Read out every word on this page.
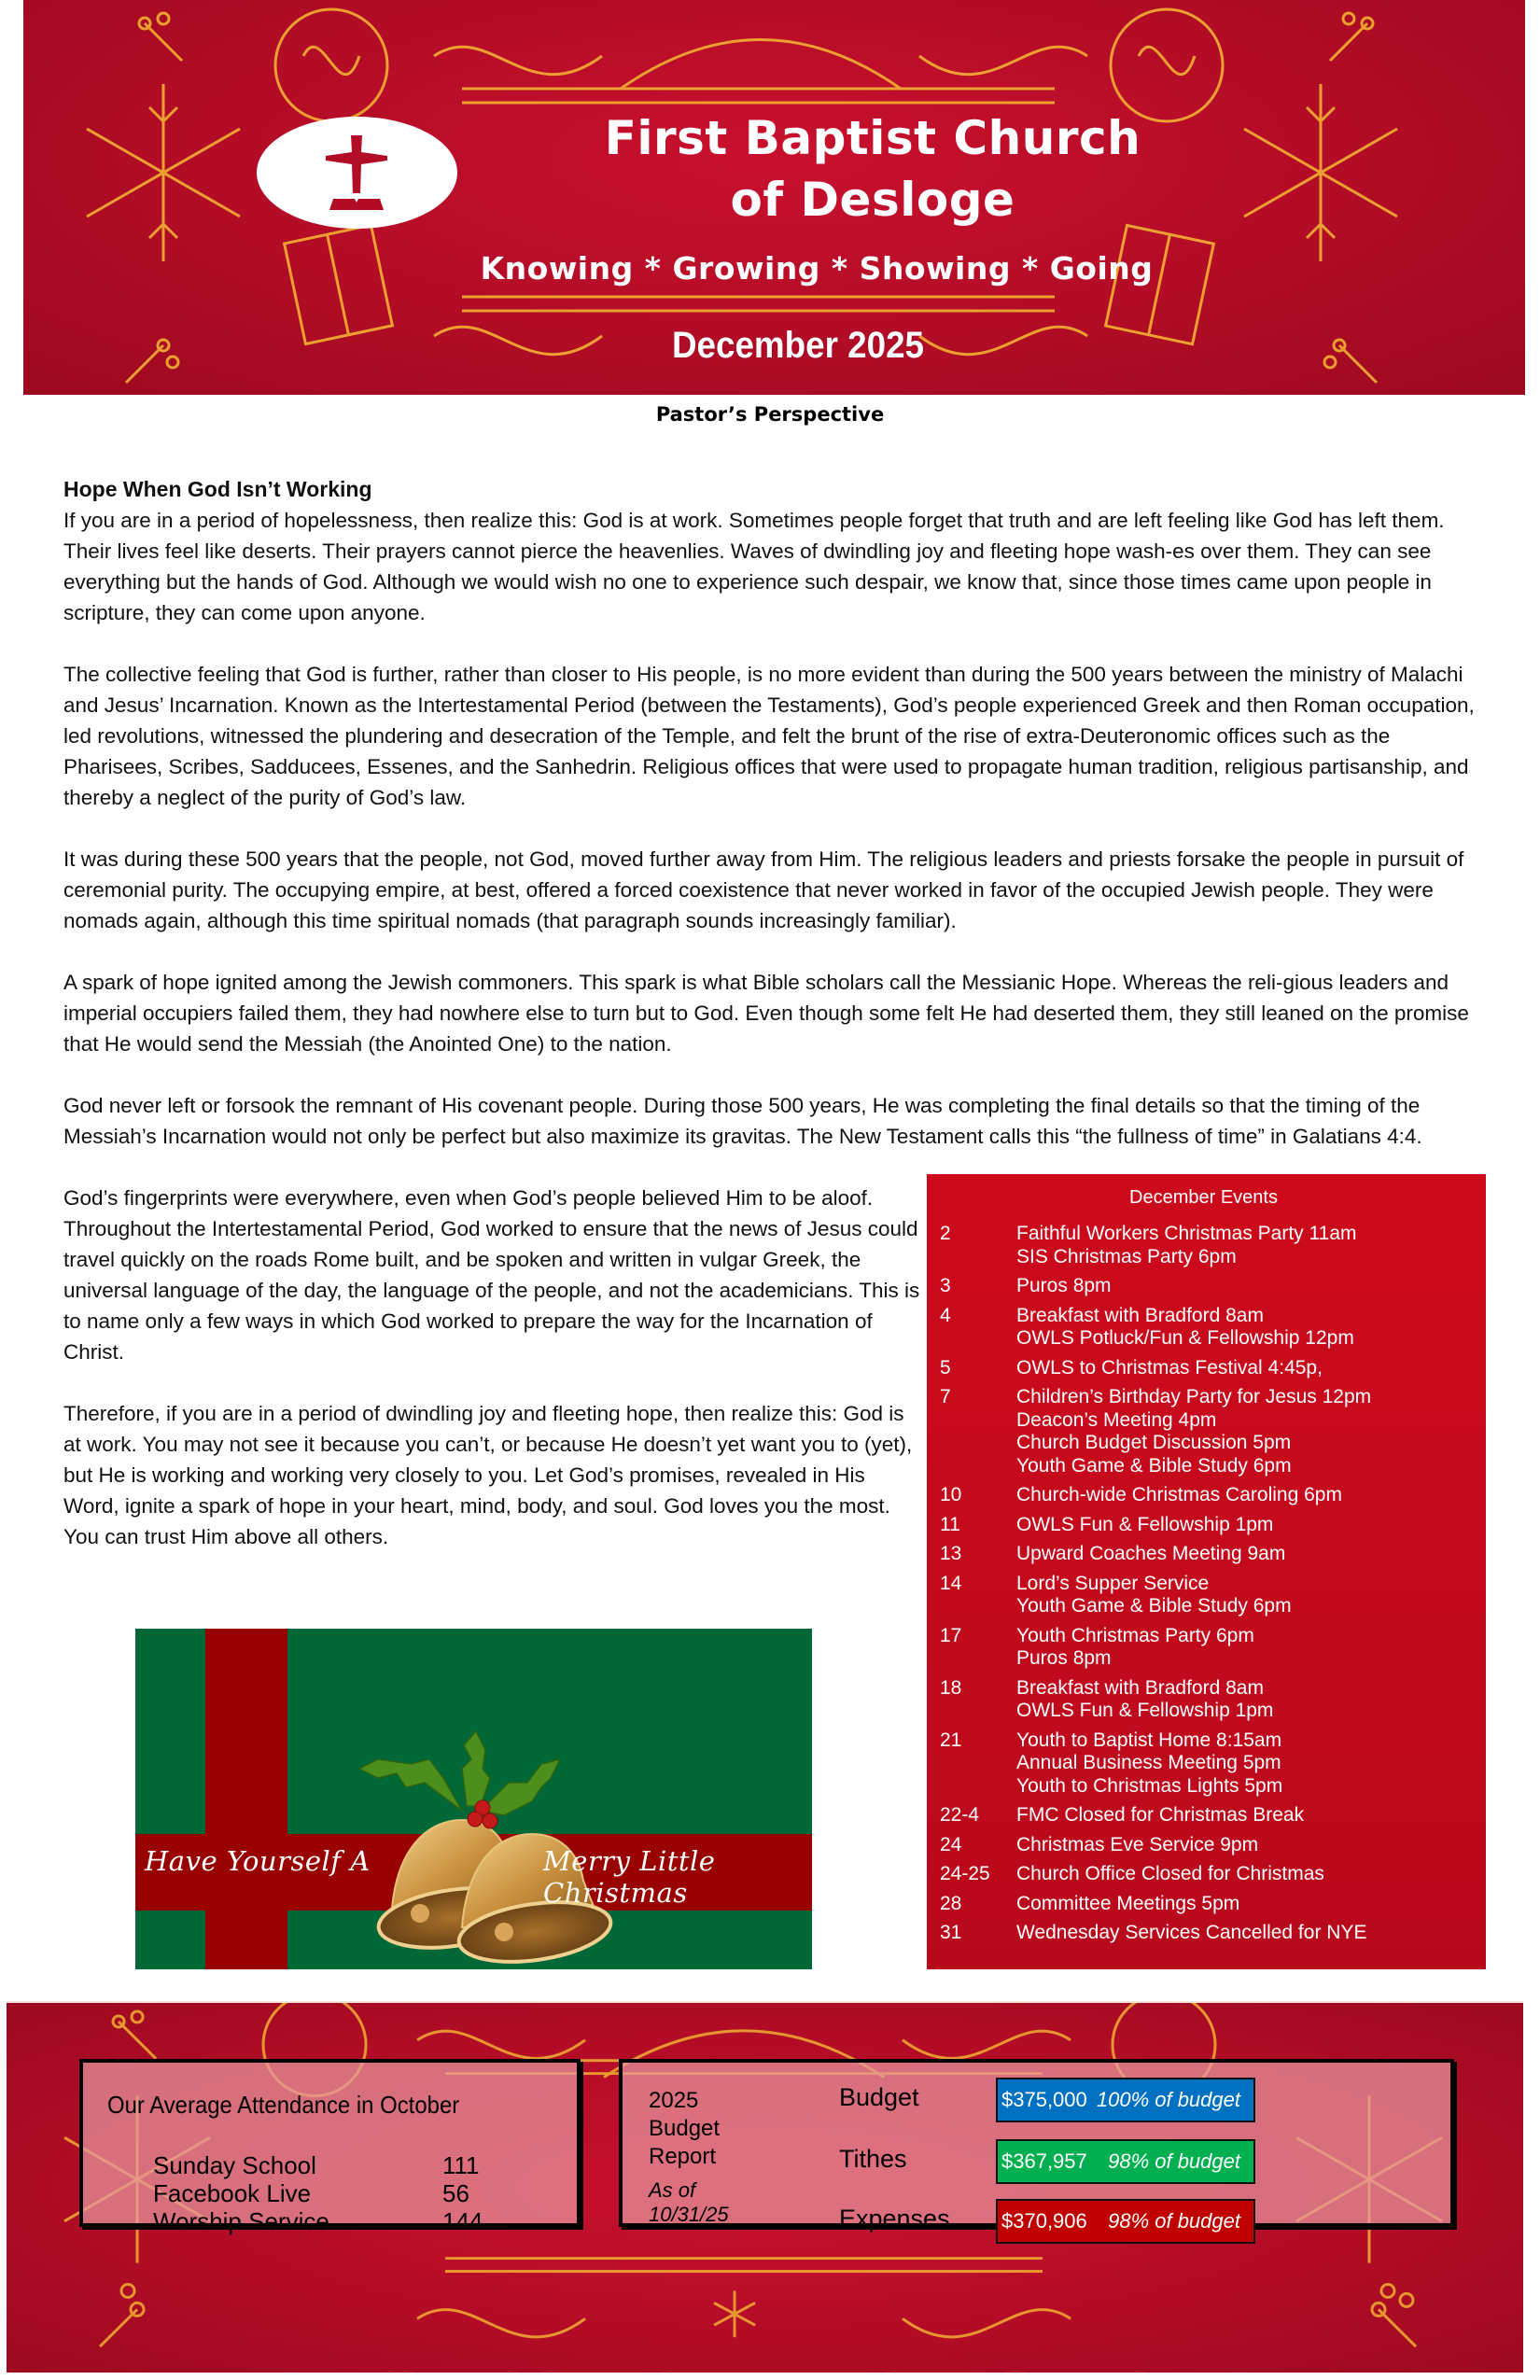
First Baptist Church
of Desloge
Knowing * Growing * Showing * Going
December 2025
Pastor’s Perspective
Hope When God Isn’t Working

If you are in a period of hopelessness, then realize this: God is at work. Sometimes people forget that truth and are left feeling like God has left them. Their lives feel like deserts. Their prayers cannot pierce the heavenlies. Waves of dwindling joy and fleeting hope wash-es over them. They can see everything but the hands of God. Although we would wish no one to experience such despair, we know that, since those times came upon people in scripture, they can come upon anyone.

The collective feeling that God is further, rather than closer to His people, is no more evident than during the 500 years between the ministry of Malachi and Jesus’ Incarnation. Known as the Intertestamental Period (between the Testaments), God’s people experienced Greek and then Roman occupation, led revolutions, witnessed the plundering and desecration of the Temple, and felt the brunt of the rise of extra-Deuteronomic offices such as the Pharisees, Scribes, Sadducees, Essenes, and the Sanhedrin. Religious offices that were used to propagate human tradition, religious partisanship, and thereby a neglect of the purity of God’s law.

It was during these 500 years that the people, not God, moved further away from Him. The religious leaders and priests forsake the people in pursuit of ceremonial purity. The occupying empire, at best, offered a forced coexistence that never worked in favor of the occupied Jewish people. They were nomads again, although this time spiritual nomads (that paragraph sounds increasingly familiar).

A spark of hope ignited among the Jewish commoners. This spark is what Bible scholars call the Messianic Hope. Whereas the reli-gious leaders and imperial occupiers failed them, they had nowhere else to turn but to God. Even though some felt He had deserted them, they still leaned on the promise that He would send the Messiah (the Anointed One) to the nation.

God never left or forsook the remnant of His covenant people. During those 500 years, He was completing the final details so that the timing of the Messiah’s Incarnation would not only be perfect but also maximize its gravitas. The New Testament calls this “the fullness of time” in Galatians 4:4.

God’s fingerprints were everywhere, even when God’s people believed Him to be aloof. Throughout the Intertestamental Period, God worked to ensure that the news of Jesus could travel quickly on the roads Rome built, and be spoken and written in vulgar Greek, the universal language of the day, the language of the people, and not the academicians. This is to name only a few ways in which God worked to prepare the way for the Incarnation of Christ.

Therefore, if you are in a period of dwindling joy and fleeting hope, then realize this: God is at work. You may not see it because you can’t, or because He doesn’t yet want you to (yet), but He is working and working very closely to you. Let God’s promises, revealed in His Word, ignite a spark of hope in your heart, mind, body, and soul. God loves you the most. You can trust Him above all others.

December Events
2	Faithful Workers Christmas Party 11am
SIS Christmas Party 6pm
3	Puros 8pm
4	Breakfast with Bradford 8am
OWLS Potluck/Fun & Fellowship 12pm
5	OWLS to Christmas Festival 4:45p,
7	Children’s Birthday Party for Jesus 12pm
Deacon’s Meeting 4pm
Church Budget Discussion 5pm
Youth Game & Bible Study 6pm
10	Church-wide Christmas Caroling 6pm
11	OWLS Fun & Fellowship 1pm
13	Upward Coaches Meeting 9am
14	Lord’s Supper Service
Youth Game & Bible Study 6pm
17	Youth Christmas Party 6pm
Puros 8pm
18	Breakfast with Bradford 8am
OWLS Fun & Fellowship 1pm
21	Youth to Baptist Home 8:15am
Annual Business Meeting 5pm
Youth to Christmas Lights 5pm
22-4	FMC Closed for Christmas Break
24	Christmas Eve Service 9pm
24-25	Church Office Closed for Christmas
28	Committee Meetings 5pm
31	Wednesday Services Cancelled for NYE
Have Yourself A	Merry Little Christmas
Our Average Attendance in October
Sunday School	111
Facebook Live	56
Worship Service	144
2025
Budget
Report
As of
10/31/25
Budget	$375,000 100% of budget
Tithes	$367,957 98% of budget
Expenses	$370,906 98% of budget
